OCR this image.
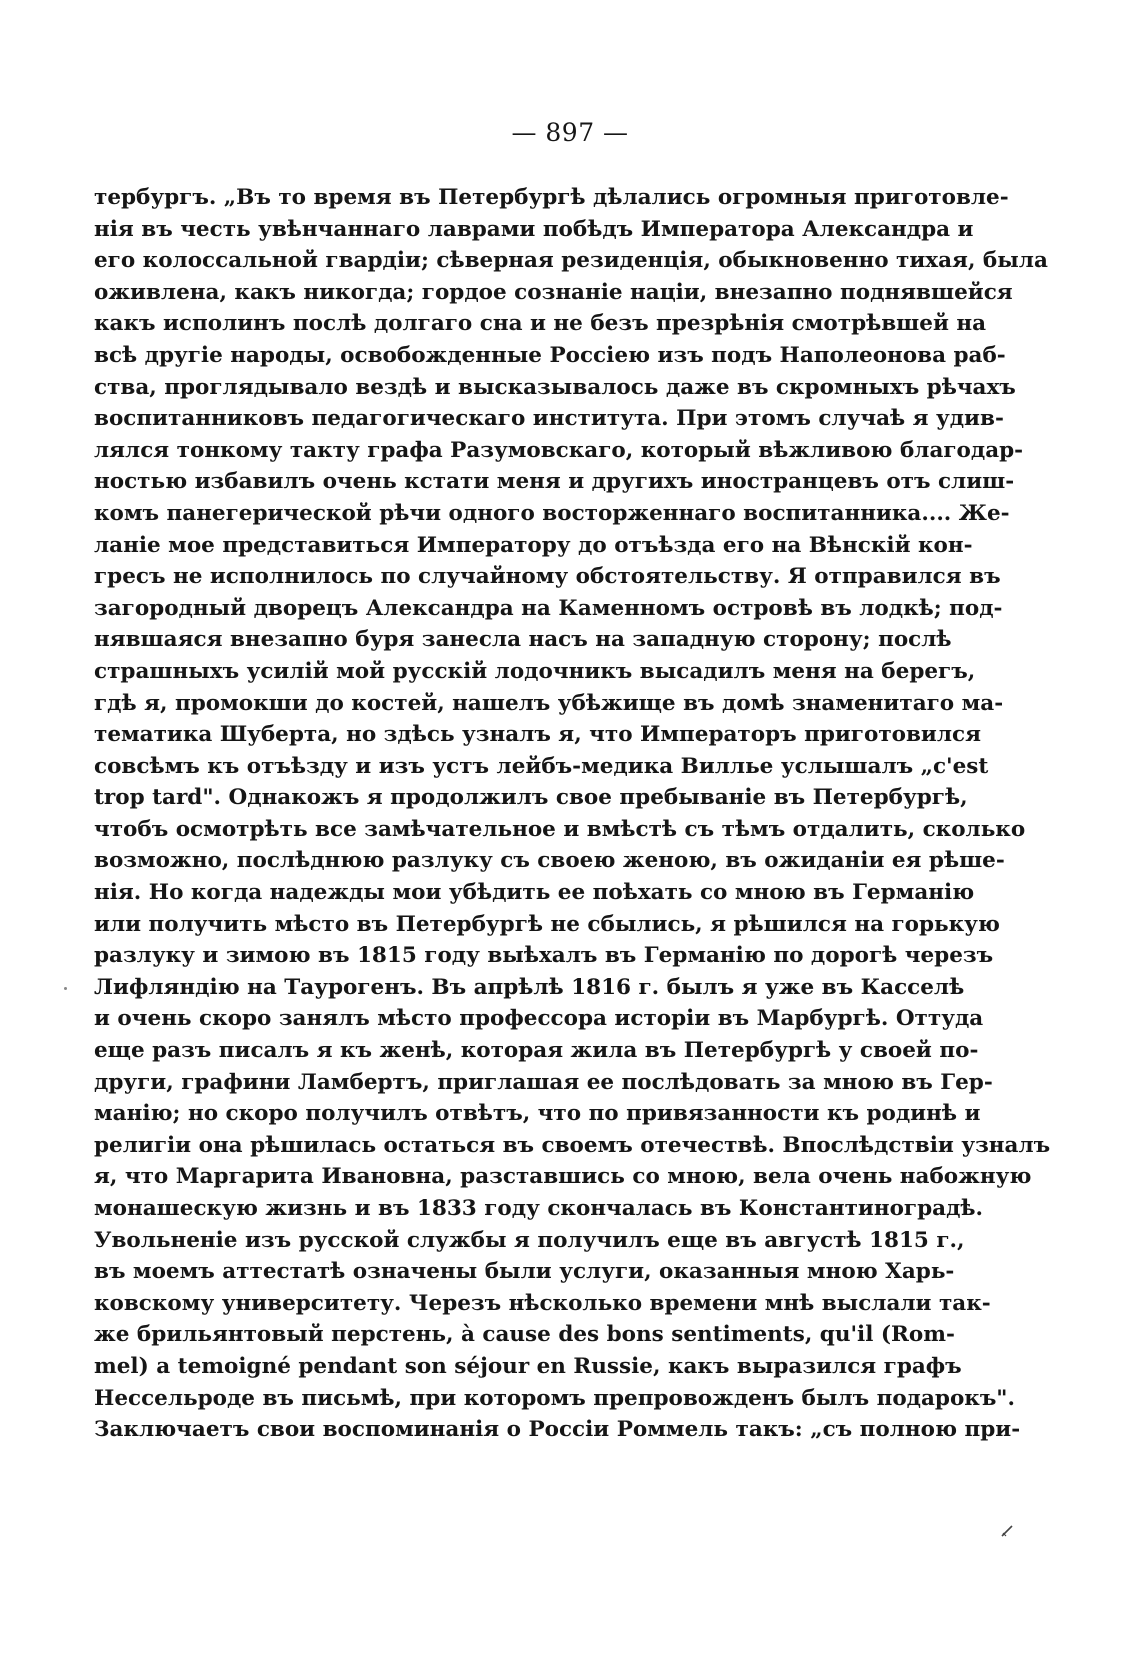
— 897 —
тербургъ. „Въ то время въ Петербургѣ дѣлались огромныя приготовле-
нія въ честь увѣнчаннаго лаврами побѣдъ Императора Александра и
его колоссальной гвардіи; сѣверная резиденція, обыкновенно тихая, была
оживлена, какъ никогда; гордое сознаніе націи, внезапно поднявшейся
какъ исполинъ послѣ долгаго сна и не безъ презрѣнія смотрѣвшей на
всѣ другіе народы, освобожденные Россіею изъ подъ Наполеонова раб-
ства, проглядывало вездѣ и высказывалось даже въ скромныхъ рѣчахъ
воспитанниковъ педагогическаго института. При этомъ случаѣ я удив-
лялся тонкому такту графа Разумовскаго, который вѣжливою благодар-
ностью избавилъ очень кстати меня и другихъ иностранцевъ отъ слиш-
комъ панегерической рѣчи одного восторженнаго воспитанника.... Же-
ланіе мое представиться Императору до отъѣзда его на Вѣнскій кон-
гресъ не исполнилось по случайному обстоятельству. Я отправился въ
загородный дворецъ Александра на Каменномъ островѣ въ лодкѣ; под-
нявшаяся внезапно буря занесла насъ на западную сторону; послѣ
страшныхъ усилій мой русскій лодочникъ высадилъ меня на берегъ,
гдѣ я, промокши до костей, нашелъ убѣжище въ домѣ знаменитаго ма-
тематика Шуберта, но здѣсь узналъ я, что Императоръ приготовился
совсѣмъ къ отъѣзду и изъ устъ лейбъ-медика Виллье услышалъ „c'est
trop tard". Однакожъ я продолжилъ свое пребываніе въ Петербургѣ,
чтобъ осмотрѣть все замѣчательное и вмѣстѣ съ тѣмъ отдалить, сколько
возможно, послѣднюю разлуку съ своею женою, въ ожиданіи ея рѣше-
нія. Но когда надежды мои убѣдить ее поѣхать со мною въ Германію
или получить мѣсто въ Петербургѣ не сбылись, я рѣшился на горькую
разлуку и зимою въ 1815 году выѣхалъ въ Германію по дорогѣ черезъ
Лифляндію на Таурогенъ. Въ апрѣлѣ 1816 г. былъ я уже въ Касселѣ
и очень скоро занялъ мѣсто профессора исторіи въ Марбургѣ. Оттуда
еще разъ писалъ я къ женѣ, которая жила въ Петербургѣ у своей по-
други, графини Ламбертъ, приглашая ее послѣдовать за мною въ Гер-
манію; но скоро получилъ отвѣтъ, что по привязанности къ родинѣ и
религіи она рѣшилась остаться въ своемъ отечествѣ. Впослѣдствіи узналъ
я, что Маргарита Ивановна, разставшись со мною, вела очень набожную
монашескую жизнь и въ 1833 году скончалась въ Константиноградѣ.
Увольненіе изъ русской службы я получилъ еще въ августѣ 1815 г.,
въ моемъ аттестатѣ означены были услуги, оказанныя мною Харь-
ковскому университету. Черезъ нѣсколько времени мнѣ выслали так-
же брильянтовый перстень, à cause des bons sentiments, qu'il (Rom-
mel) a temoigné pendant son séjour en Russie, какъ выразился графъ
Нессельроде въ письмѣ, при которомъ препровожденъ былъ подарокъ".
Заключаетъ свои воспоминанія о Россіи Роммель такъ: „съ полною при-
